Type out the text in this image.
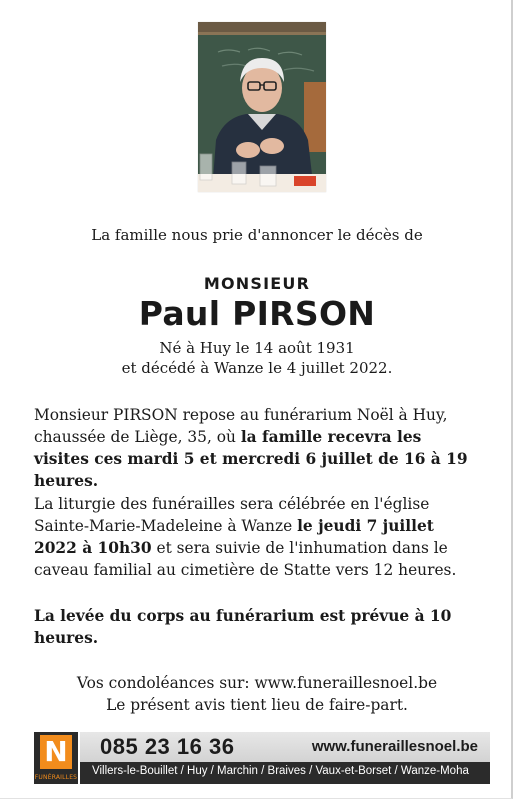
La famille nous prie d'annoncer le décès de
MONSIEUR
Paul PIRSON
Né à Huy le 14 août 1931
et décédé à Wanze le 4 juillet 2022.
Monsieur PIRSON repose au funérarium Noël à Huy, chaussée de Liège, 35, où la famille recevra les visites ces mardi 5 et mercredi 6 juillet de 16 à 19 heures.
La liturgie des funérailles sera célébrée en l'église Sainte-Marie-Madeleine à Wanze le jeudi 7 juillet 2022 à 10h30 et sera suivie de l'inhumation dans le caveau familial au cimetière de Statte vers 12 heures.
La levée du corps au funérarium est prévue à 10 heures.
Vos condoléances sur: www.funeraillesnoel.be
Le présent avis tient lieu de faire-part.
N
FUNÉRAILLES
085 23 16 36	www.funeraillesnoel.be
Villers-le-Bouillet / Huy / Marchin / Braives / Vaux-et-Borset / Wanze-Moha
